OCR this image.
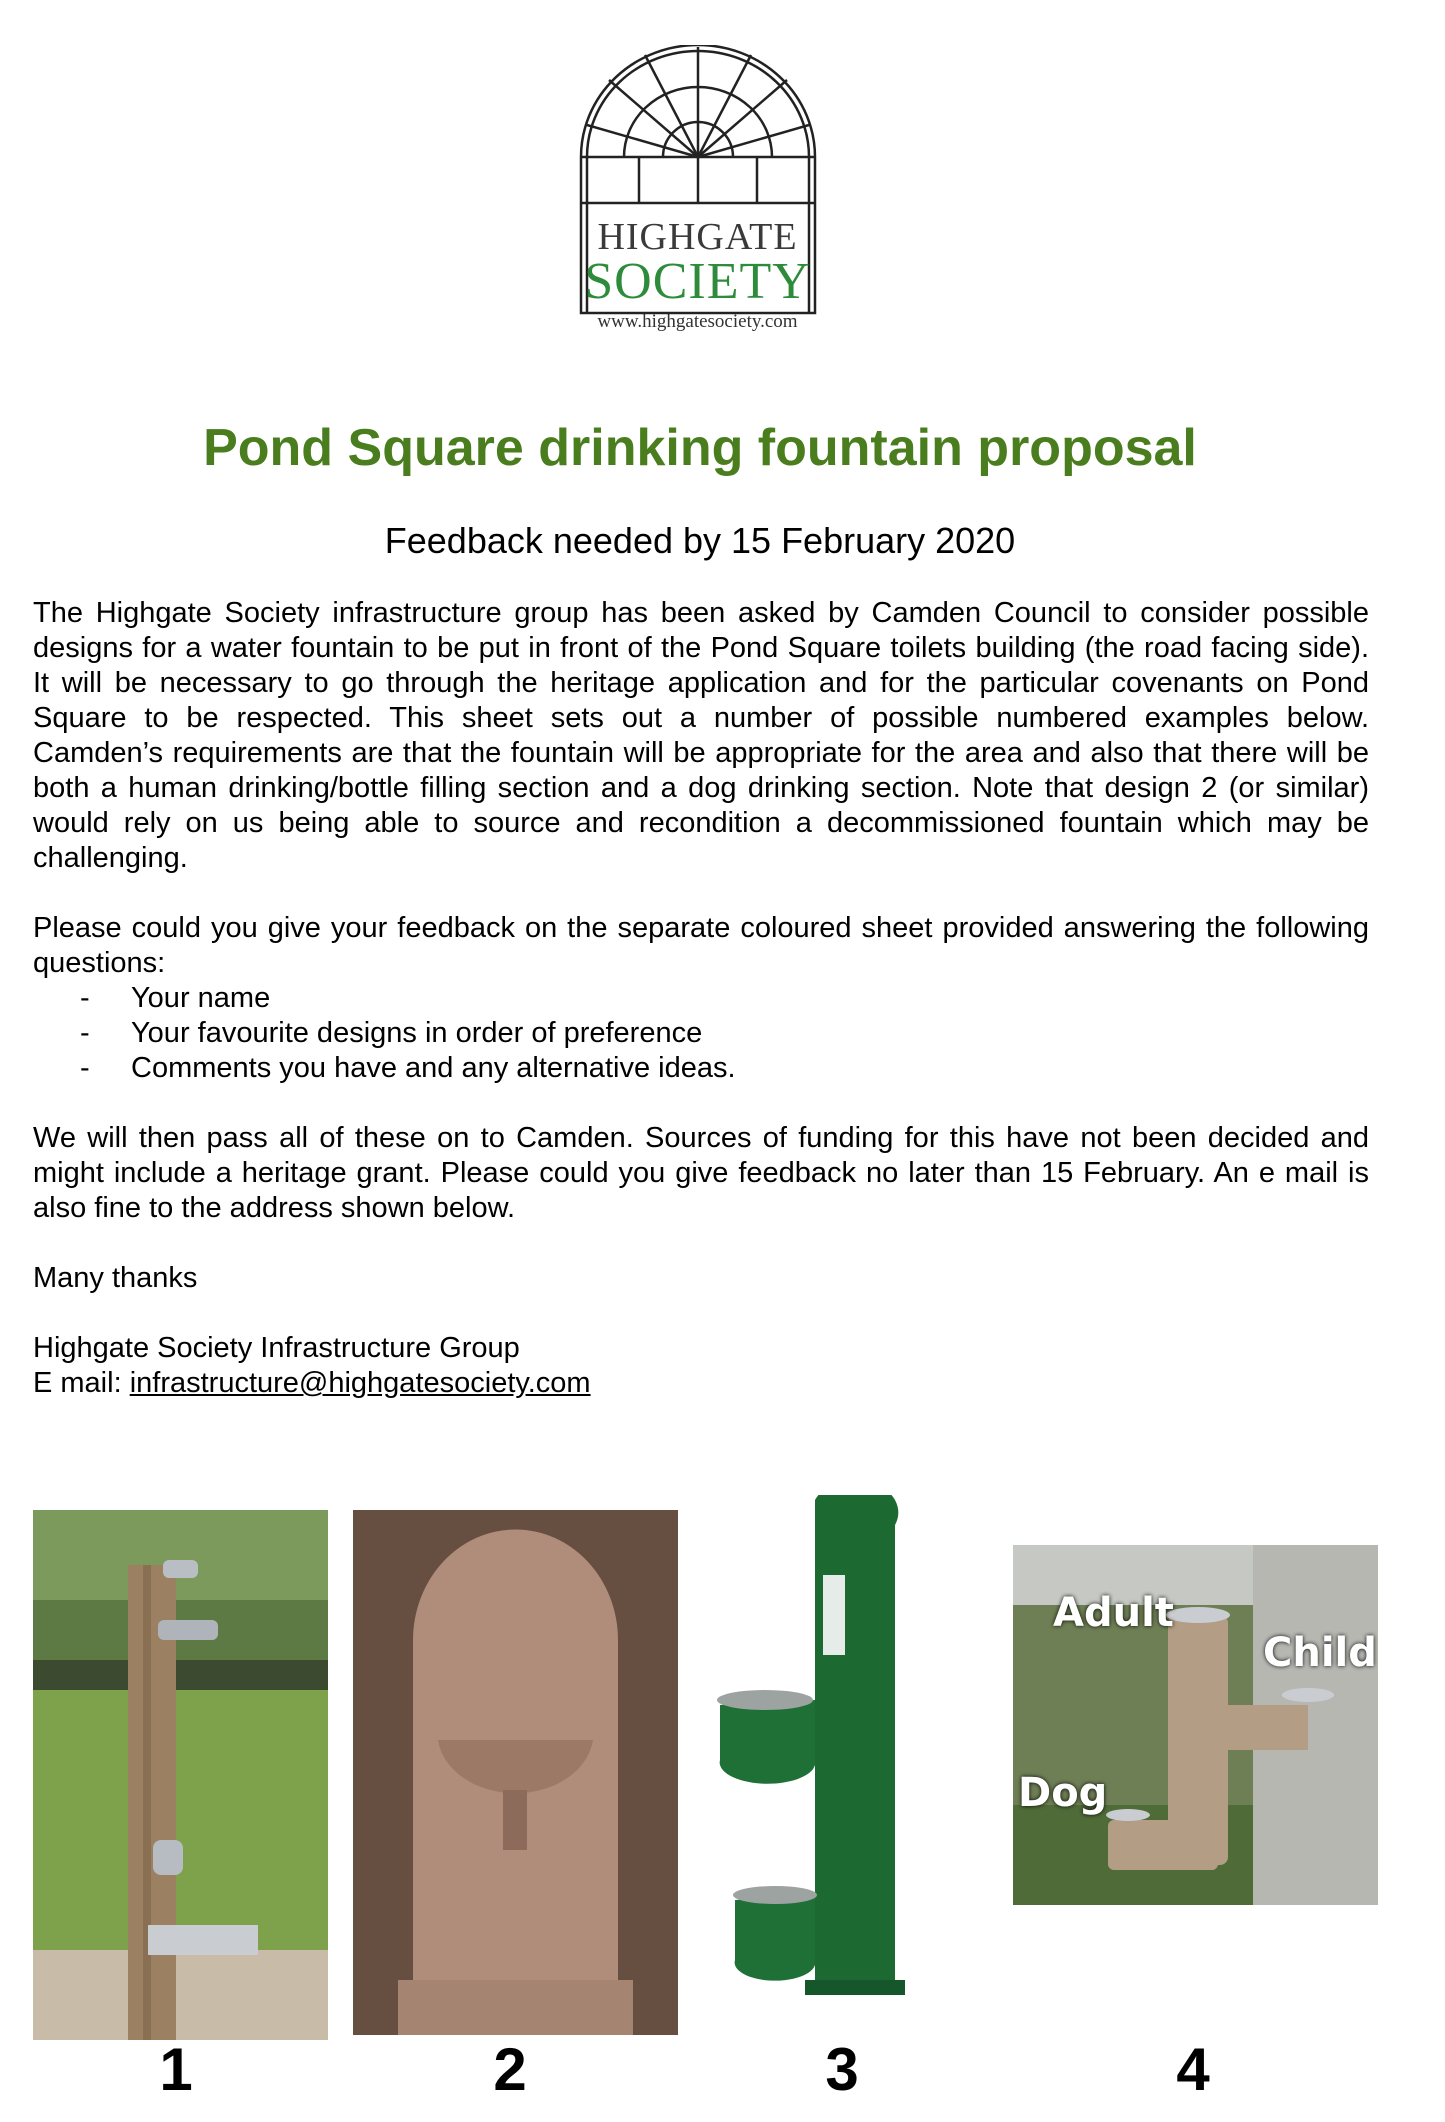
HIGHGATE
SOCIETY
www.highgatesociety.com
Pond Square drinking fountain proposal
Feedback needed by 15 February 2020

The Highgate Society infrastructure group has been asked by Camden Council to consider possible designs for a water fountain to be put in front of the Pond Square toilets building (the road facing side). It will be necessary to go through the heritage application and for the particular covenants on Pond Square to be respected. This sheet sets out a number of possible numbered examples below. Camden’s requirements are that the fountain will be appropriate for the area and also that there will be both a human drinking/bottle filling section and a dog drinking section. Note that design 2 (or similar) would rely on us being able to source and recondition a decommissioned fountain which may be challenging.

Please could you give your feedback on the separate coloured sheet provided answering the following questions:

- Your name
- Your favourite designs in order of preference
- Comments you have and any alternative ideas.

We will then pass all of these on to Camden. Sources of funding for this have not been decided and might include a heritage grant. Please could you give feedback no later than 15 February. An e mail is also fine to the address shown below.

Many thanks

Highgate Society Infrastructure Group

E mail: infrastructure@highgatesociety.com

Adult
Child
Dog
1	2	3	4
